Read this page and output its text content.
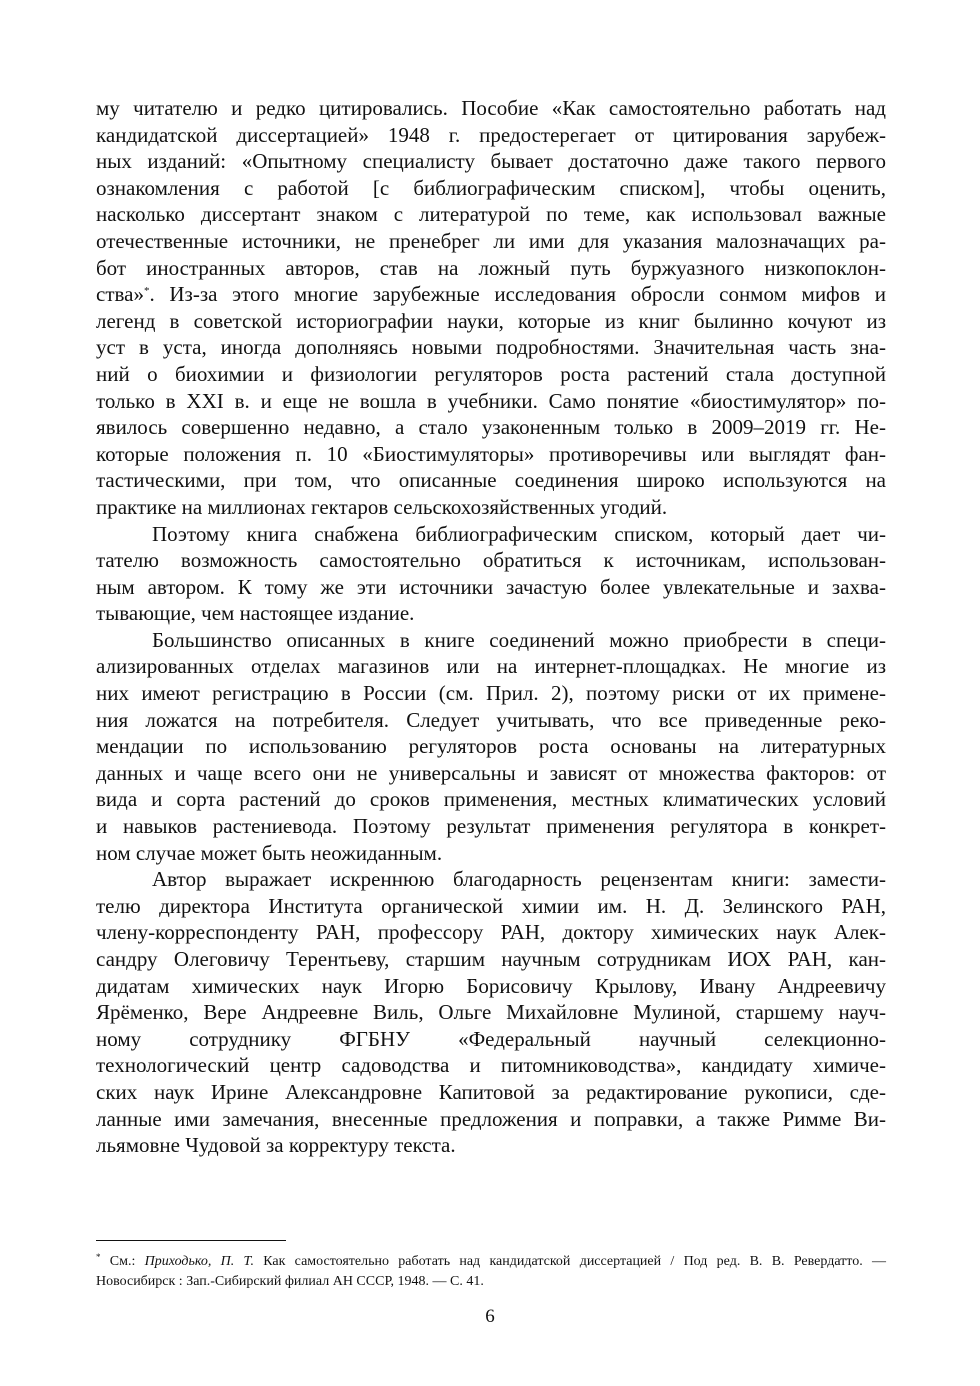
му читателю и редко цитировались. Пособие «Как самостоятельно работать над
кандидатской диссертацией» 1948 г. предостерегает от цитирования зарубеж-
ных изданий: «Опытному специалисту бывает достаточно даже такого первого
ознакомления с работой [с библиографическим списком], чтобы оценить,
насколько диссертант знаком с литературой по теме, как использовал важные
отечественные источники, не пренебрег ли ими для указания малозначащих ра-
бот иностранных авторов, став на ложный путь буржуазного низкопоклон-
ства»*. Из-за этого многие зарубежные исследования обросли сонмом мифов и
легенд в советской историографии науки, которые из книг былинно кочуют из
уст в уста, иногда дополняясь новыми подробностями. Значительная часть зна-
ний о биохимии и физиологии регуляторов роста растений стала доступной
только в XXI в. и еще не вошла в учебники. Само понятие «биостимулятор» по-
явилось совершенно недавно, а стало узаконенным только в 2009–2019 гг. Не-
которые положения п. 10 «Биостимуляторы» противоречивы или выглядят фан-
тастическими, при том, что описанные соединения широко используются на
практике на миллионах гектаров сельскохозяйственных угодий.
Поэтому книга снабжена библиографическим списком, который дает чи-
тателю возможность самостоятельно обратиться к источникам, использован-
ным автором. К тому же эти источники зачастую более увлекательные и захва-
тывающие, чем настоящее издание.
Большинство описанных в книге соединений можно приобрести в специ-
ализированных отделах магазинов или на интернет-площадках. Не многие из
них имеют регистрацию в России (см. Прил. 2), поэтому риски от их примене-
ния ложатся на потребителя. Следует учитывать, что все приведенные реко-
мендации по использованию регуляторов роста основаны на литературных
данных и чаще всего они не универсальны и зависят от множества факторов: от
вида и сорта растений до сроков применения, местных климатических условий
и навыков растениевода. Поэтому результат применения регулятора в конкрет-
ном случае может быть неожиданным.
Автор выражает искреннюю благодарность рецензентам книги: замести-
телю директора Института органической химии им. Н. Д. Зелинского РАН,
члену-корреспонденту РАН, профессору РАН, доктору химических наук Алек-
сандру Олеговичу Терентьеву, старшим научным сотрудникам ИОХ РАН, кан-
дидатам химических наук Игорю Борисовичу Крылову, Ивану Андреевичу
Ярёменко, Вере Андреевне Виль, Ольге Михайловне Мулиной, старшему науч-
ному сотруднику ФГБНУ «Федеральный научный селекционно-
технологический центр садоводства и питомниководства», кандидату химиче-
ских наук Ирине Александровне Капитовой за редактирование рукописи, сде-
ланные ими замечания, внесенные предложения и поправки, а также Римме Ви-
льямовне Чудовой за корректуру текста.
* См.: Приходько, П. Т. Как самостоятельно работать над кандидатской диссертацией / Под ред. В. В. Ревердатто. —
Новосибирск : Зап.-Сибирский филиал АН СССР, 1948. — С. 41.
6
